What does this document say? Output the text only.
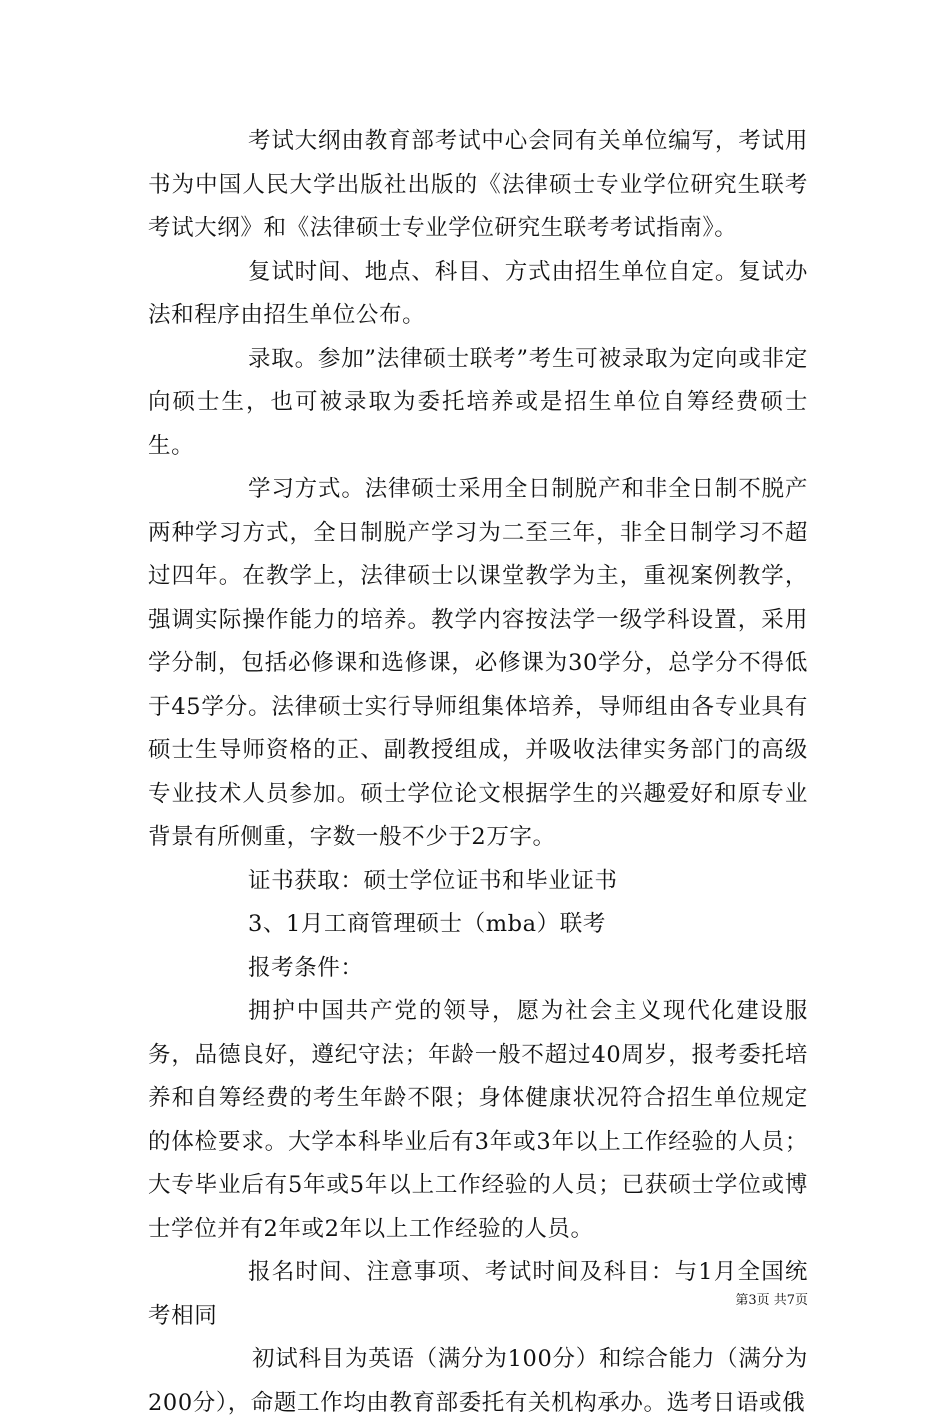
考试大纲由教育部考试中心会同有关单位编写，考试用书为中国人民大学出版社出版的《法律硕士专业学位研究生联考考试大纲》和《法律硕士专业学位研究生联考考试指南》。

复试时间、地点、科目、方式由招生单位自定。复试办法和程序由招生单位公布。

录取。参加”法律硕士联考”考生可被录取为定向或非定向硕士生，也可被录取为委托培养或是招生单位自筹经费硕士生。

学习方式。法律硕士采用全日制脱产和非全日制不脱产两种学习方式，全日制脱产学习为二至三年，非全日制学习不超过四年。在教学上，法律硕士以课堂教学为主，重视案例教学，强调实际操作能力的培养。教学内容按法学一级学科设置，采用学分制，包括必修课和选修课，必修课为30学分，总学分不得低于45学分。法律硕士实行导师组集体培养，导师组由各专业具有硕士生导师资格的正、副教授组成，并吸收法律实务部门的高级专业技术人员参加。硕士学位论文根据学生的兴趣爱好和原专业背景有所侧重，字数一般不少于2万字。

证书获取：硕士学位证书和毕业证书

3、1月工商管理硕士（mba）联考

报考条件：

拥护中国共产党的领导，愿为社会主义现代化建设服务，品德良好，遵纪守法；年龄一般不超过40周岁，报考委托培养和自筹经费的考生年龄不限；身体健康状况符合招生单位规定的体检要求。大学本科毕业后有3年或3年以上工作经验的人员；大专毕业后有5年或5年以上工作经验的人员；已获硕士学位或博士学位并有2年或2年以上工作经验的人员。

报名时间、注意事项、考试时间及科目：与1月全国统考相同

初试科目为英语（满分为100分）和综合能力（满分为200分），命题工作均由教育部委托有关机构承办。选考日语或俄

第3页 共7页
